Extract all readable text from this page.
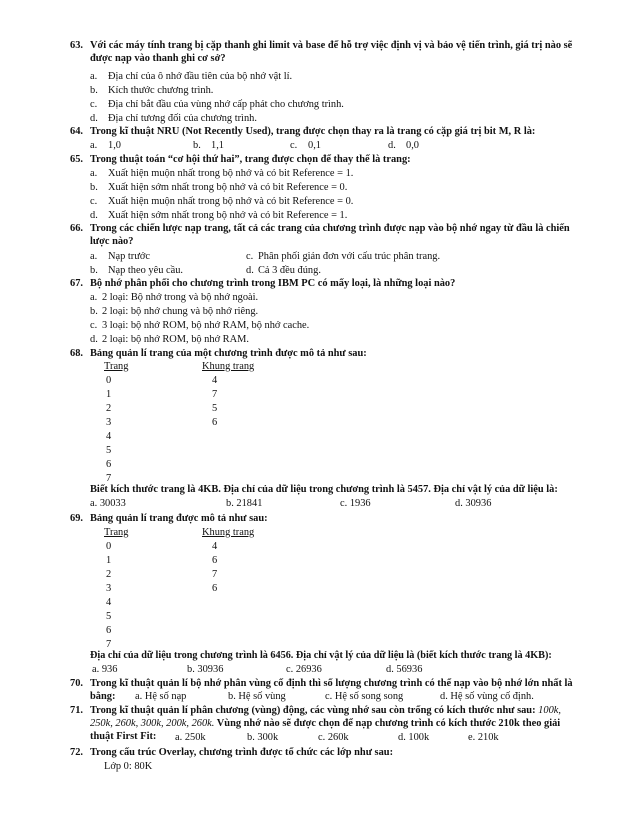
63. Với các máy tính trang bị cặp thanh ghi limit và base để hỗ trợ việc định vị và bảo vệ tiến trình, giá trị nào sẽ được nạp vào thanh ghi cơ sở?
a. Địa chỉ của ô nhớ đầu tiên của bộ nhớ vật lí.
b. Kích thước chương trình.
c. Địa chỉ bắt đầu của vùng nhớ cấp phát cho chương trình.
d. Địa chỉ tương đối của chương trình.
64. Trong kĩ thuật NRU (Not Recently Used), trang được chọn thay ra là trang có cặp giá trị bit M, R là:
a. 1,0	b. 1,1	c. 0,1	d. 0,0
65. Trong thuật toán “cơ hội thứ hai”, trang được chọn để thay thế là trang:
a. Xuất hiện muộn nhất trong bộ nhớ và có bit Reference = 1.
b. Xuất hiện sớm nhất trong bộ nhớ và có bit Reference = 0.
c. Xuất hiện muộn nhất trong bộ nhớ và có bit Reference = 0.
d. Xuất hiện sớm nhất trong bộ nhớ và có bit Reference = 1.
66. Trong các chiến lược nạp trang, tất cả các trang của chương trình được nạp vào bộ nhớ ngay từ đầu là chiến lược nào?
a. Nạp trước	c. Phân phối giản đơn với cấu trúc phân trang.
b. Nạp theo yêu cầu.	d. Cả 3 đều đúng.
67. Bộ nhớ phân phối cho chương trình trong IBM PC có mấy loại, là những loại nào?
a. 2 loại: Bộ nhớ trong và bộ nhớ ngoài.
b. 2 loại: bộ nhớ chung và bộ nhớ riêng.
c. 3 loại: bộ nhớ ROM, bộ nhớ RAM, bộ nhớ cache.
d. 2 loại: bộ nhớ ROM, bộ nhớ RAM.
68. Bảng quản lí trang của một chương trình được mô tả như sau:
Trang	Khung trang
0	4
1	7
2	5
3	6
4
5
6
7
Biết kích thước trang là 4KB. Địa chỉ của dữ liệu trong chương trình là 5457. Địa chỉ vật lý của dữ liệu là:
a. 30033	b. 21841	c. 1936	d. 30936
69. Bảng quản lí trang được mô tả như sau:
Trang	Khung trang
0	4
1	6
2	7
3	6
4
5
6
7
Địa chỉ của dữ liệu trong chương trình là 6456. Địa chỉ vật lý của dữ liệu là (biết kích thước trang là 4KB):
a. 936	b. 30936	c. 26936	d. 56936
70. Trong kĩ thuật quản lí bộ nhớ phân vùng cố định thì số lượng chương trình có thể nạp vào bộ nhớ lớn nhất là bằng:	a. Hệ số nạp	b. Hệ số vùng	c. Hệ số song song	d. Hệ số vùng cố định.
71. Trong kĩ thuật quản lí phân chương (vùng) động, các vùng nhớ sau còn trống có kích thước như sau: 100k, 250k, 260k, 300k, 200k, 260k. Vùng nhớ nào sẽ được chọn để nạp chương trình có kích thước 210k theo giải thuật First Fit:	a. 250k	b. 300k	c. 260k	d. 100k	e. 210k
72. Trong cấu trúc Overlay, chương trình được tổ chức các lớp như sau:
Lớp 0: 80K
